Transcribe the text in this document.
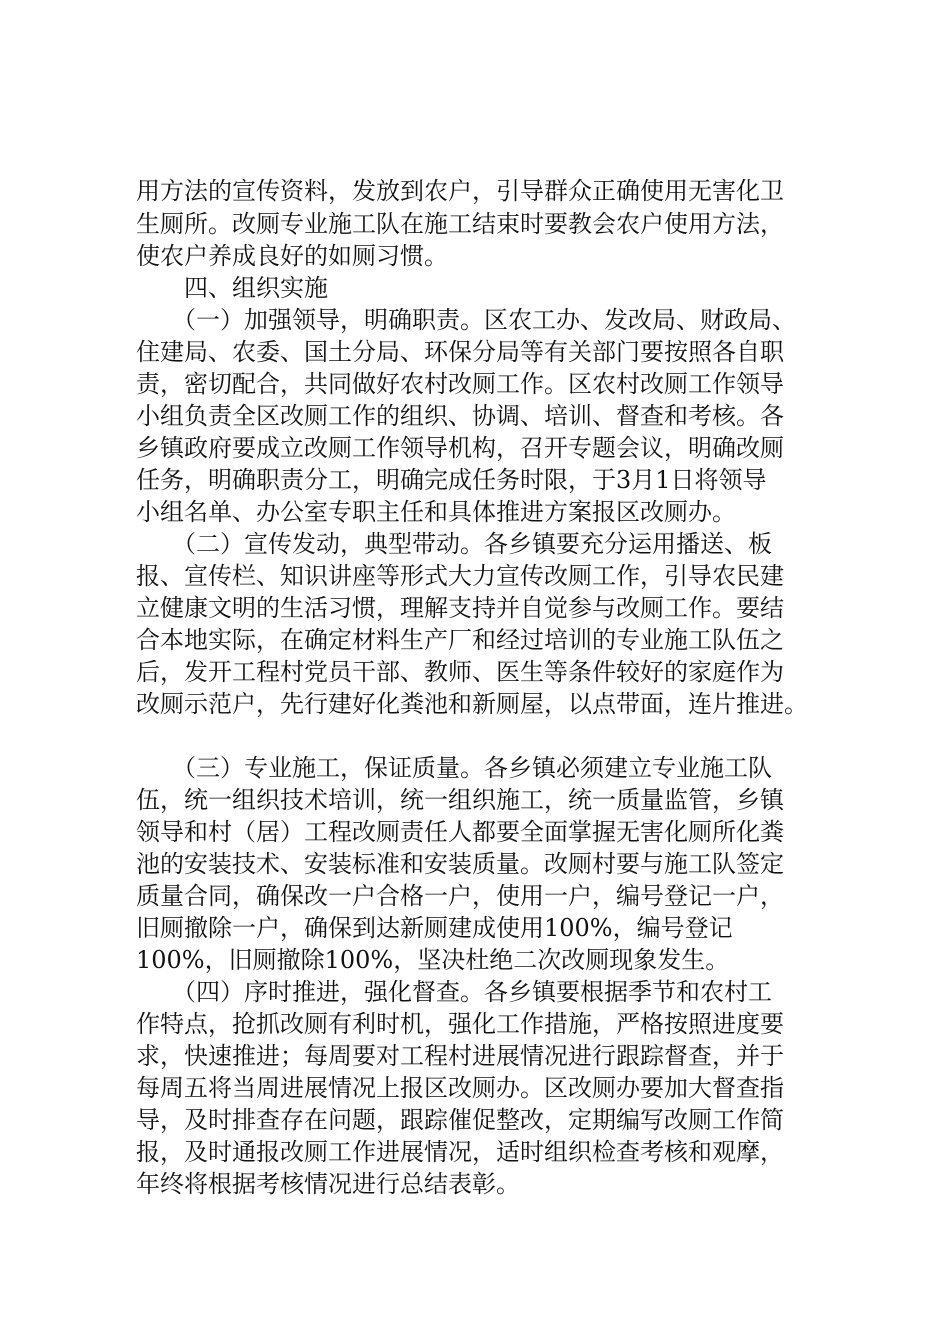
用方法的宣传资料，发放到农户，引导群众正确使用无害化卫

生厕所。改厕专业施工队在施工结束时要教会农户使用方法，

使农户养成良好的如厕习惯。

　　四、组织实施

　　（一）加强领导，明确职责。区农工办、发改局、财政局、

住建局、农委、国土分局、环保分局等有关部门要按照各自职

责，密切配合，共同做好农村改厕工作。区农村改厕工作领导

小组负责全区改厕工作的组织、协调、培训、督查和考核。各

乡镇政府要成立改厕工作领导机构，召开专题会议，明确改厕

任务，明确职责分工，明确完成任务时限，于3月1日将领导

小组名单、办公室专职主任和具体推进方案报区改厕办。

　　（二）宣传发动，典型带动。各乡镇要充分运用播送、板

报、宣传栏、知识讲座等形式大力宣传改厕工作，引导农民建

立健康文明的生活习惯，理解支持并自觉参与改厕工作。要结

合本地实际，在确定材料生产厂和经过培训的专业施工队伍之

后，发开工程村党员干部、教师、医生等条件较好的家庭作为

改厕示范户，先行建好化粪池和新厕屋，以点带面，连片推进。

　　（三）专业施工，保证质量。各乡镇必须建立专业施工队

伍，统一组织技术培训，统一组织施工，统一质量监管，乡镇

领导和村（居）工程改厕责任人都要全面掌握无害化厕所化粪

池的安装技术、安装标准和安装质量。改厕村要与施工队签定

质量合同，确保改一户合格一户，使用一户，编号登记一户，

旧厕撤除一户，确保到达新厕建成使用100%，编号登记

100%，旧厕撤除100%，坚决杜绝二次改厕现象发生。

　　（四）序时推进，强化督查。各乡镇要根据季节和农村工

作特点，抢抓改厕有利时机，强化工作措施，严格按照进度要

求，快速推进；每周要对工程村进展情况进行跟踪督查，并于

每周五将当周进展情况上报区改厕办。区改厕办要加大督查指

导，及时排查存在问题，跟踪催促整改，定期编写改厕工作简

报，及时通报改厕工作进展情况，适时组织检查考核和观摩，

年终将根据考核情况进行总结表彰。
